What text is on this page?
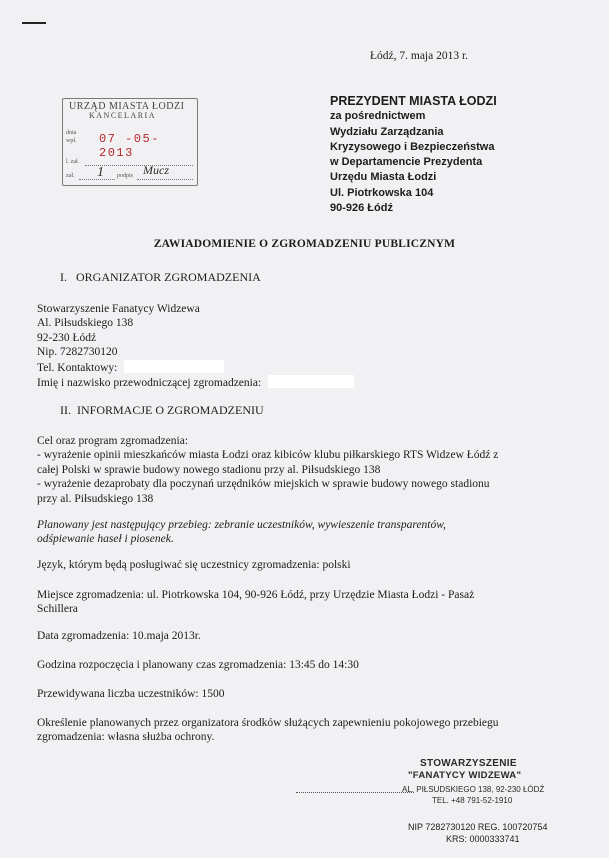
Łódź, 7. maja 2013 r.
URZĄD MIASTA ŁODZI
KANCELARIA
dnia
wpł. 07 -05- 2013
l. zał.
zał. 1 podpis Mucz
PREZYDENT MIASTA ŁODZI
za pośrednictwem
Wydziału Zarządzania
Kryzysowego i Bezpieczeństwa
w Departamencie Prezydenta
Urzędu Miasta Łodzi
Ul. Piotrkowska 104
90-926 Łódź
ZAWIADOMIENIE O ZGROMADZENIU PUBLICZNYM
I.   ORGANIZATOR ZGROMADZENIA
Stowarzyszenie Fanatycy Widzewa
Al. Piłsudskiego 138
92-230 Łódź
Nip. 7282730120
Tel. Kontaktowy:
Imię i nazwisko przewodniczącej zgromadzenia:
II.  INFORMACJE O ZGROMADZENIU
Cel oraz program zgromadzenia:
- wyrażenie opinii mieszkańców miasta Łodzi oraz kibiców klubu piłkarskiego RTS Widzew Łódź z
całej Polski w sprawie budowy nowego stadionu przy al. Piłsudskiego 138
- wyrażenie dezaprobaty dla poczynań urzędników miejskich w sprawie budowy nowego stadionu
przy al. Piłsudskiego 138
Planowany jest następujący przebieg: zebranie uczestników, wywieszenie transparentów,
odśpiewanie haseł i piosenek.
Język, którym będą posługiwać się uczestnicy zgromadzenia: polski
Miejsce zgromadzenia: ul. Piotrkowska 104, 90-926 Łódź, przy Urzędzie Miasta Łodzi - Pasaż
Schillera
Data zgromadzenia: 10.maja 2013r.
Godzina rozpoczęcia i planowany czas zgromadzenia: 13:45 do 14:30
Przewidywana liczba uczestników: 1500
Określenie planowanych przez organizatora środków służących zapewnieniu pokojowego przebiegu
zgromadzenia: własna służba ochrony.
STOWARZYSZENIE
"FANATYCY WIDZEWA"
AL. PIŁSUDSKIEGO 138, 92-230 ŁÓDŹ
TEL. +48 791-52-1910
NIP 7282730120 REG. 100720754
KRS: 0000333741
